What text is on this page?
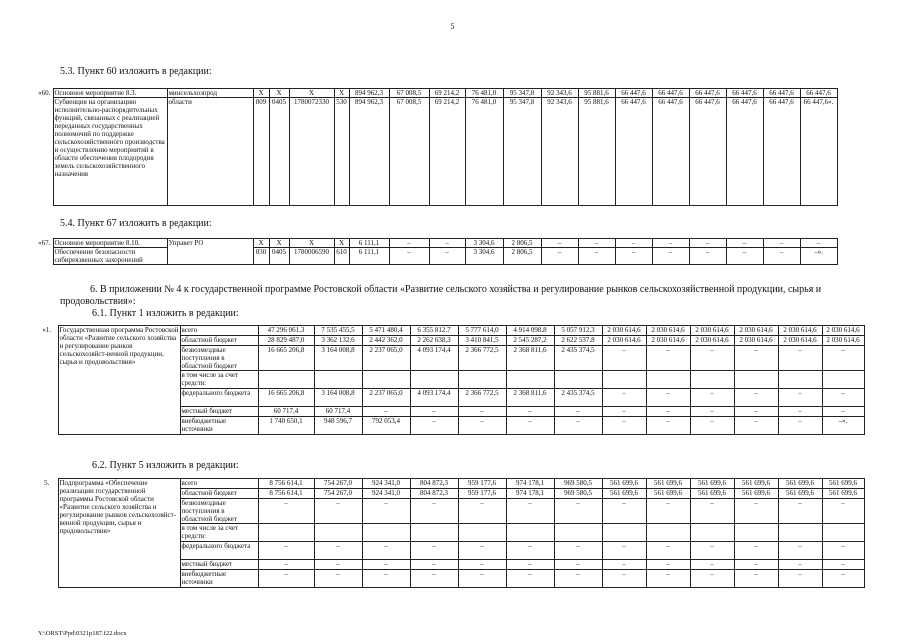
5
5.3. Пункт 60 изложить в редакции:
«60.	Основное мероприятие 8.3.	минсельхозпрод	X	X	X	X	894 962,3	67 008,5	69 214,2	76 481,0	95 347,8	92 343,6	95 881,6	66 447,6	66 447,6	66 447,6	66 447,6	66 447,6	66 447,6
	Субвенция на организацию исполнительно-распорядительных функций, связанных с реализацией переданных государственных полномочий по поддержке сельскохозяйственного производства и осуществлению мероприятий в области обеспечения плодородия земель сельскохозяйственного назначения	области	809	0405	1780072330	530	894 962,3	67 008,5	69 214,2	76 481,0	95 347,8	92 343,6	95 881,6	66 447,6	66 447,6	66 447,6	66 447,6	66 447,6	66 447,6».
5.4. Пункт 67 изложить в редакции:
«67.	Основное мероприятие 8.10.	Управет РО	X	X	X	X	6 111,1	–	–	3 304,6	2 806,5	–	–	–	–	–	–	–	–
	Обеспечение безопасности сибиреязвенных захоронений		830	0405	1780006590	610	6 111,1	–	–	3 304,6	2 806,5	–	–	–	–	–	–	–	–».
6. В приложении № 4 к государственной программе Ростовской области «Развитие сельского хозяйства и регулирование рынков сельскохозяйственной продукции, сырья и продовольствия»:
6.1. Пункт 1 изложить в редакции:
«1.	Государственная программа Ростовской области «Развитие сельского хозяйства и регулирование рынков сельскохозяйст-венной продукции, сырья и продовольствия»	всего	47 296 061,3	7 535 455,5	5 471 480,4	6 355 812,7	5 777 614,0	4 914 098,8	5 057 912,3	2 030 614,6	2 030 614,6	2 030 614,6	2 030 614,6	2 030 614,6	2 030 614,6
		областной бюджет	28 829 487,0	3 362 132,6	2 442 362,0	2 262 638,3	3 410 841,5	2 545 287,2	2 622 537,8	2 030 614,6	2 030 614,6	2 030 614,6	2 030 614,6	2 030 614,6	2 030 614,6
		безвозмездные поступления в областной бюджет	16 665 206,8	3 164 008,8	2 237 065,0	4 093 174,4	2 366 772,5	2 368 811,6	2 435 374,5	–	–	–	–	–	–
		в том числе за счет средств:													
		федерального бюджета	16 665 206,8	3 164 008,8	2 237 065,0	4 093 174,4	2 366 772,5	2 368 811,6	2 435 374,5	–	–	–	–	–	–
		местный бюджет	60 717,4	60 717,4	–	–	–	–	–	–	–	–	–	–	–
		внебюджетные источники	1 740 650,1	948 596,7	792 053,4	–	–	–	–	–	–	–	–	–	–».
6.2. Пункт 5 изложить в редакции:
5.	Подпрограмма «Обеспечение реализации государственной программы Ростовской области «Развитие сельского хозяйства и регулирование рынков сельскохозяйст-венной продукции, сырья и продовольствия»	всего	8 756 614,1	754 267,0	924 341,0	804 872,3	959 177,6	974 178,1	969 580,5	561 699,6	561 699,6	561 699,6	561 699,6	561 699,6	561 699,6
		областной бюджет	8 756 614,1	754 267,0	924 341,0	804 872,3	959 177,6	974 178,1	969 580,5	561 699,6	561 699,6	561 699,6	561 699,6	561 699,6	561 699,6
		безвозмездные поступления в областной бюджет	–	–	–	–	–	–	–	–	–	–	–	–	–
		в том числе за счет средств:													
		федерального бюджета	–	–	–	–	–	–	–	–	–	–	–	–	–
		местный бюджет	–	–	–	–	–	–	–	–	–	–	–	–	–
		внебюджетные источники	–	–	–	–	–	–	–	–	–	–	–	–	–
Y:\ORST\Ppd\0321p187.f22.docx
